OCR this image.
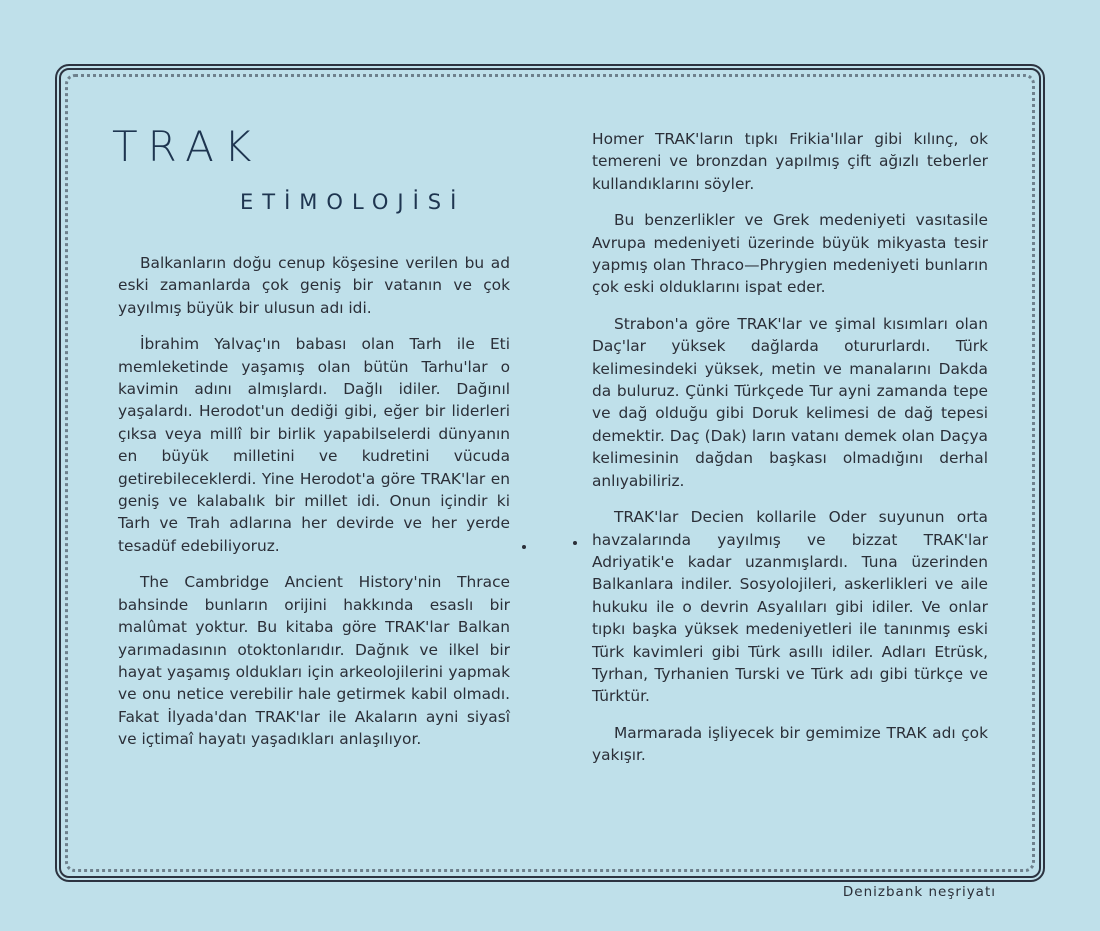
TRAK
ETİMOLOJİSİ

Balkanların doğu cenup köşesine verilen bu ad eski zamanlarda çok geniş bir vatanın ve çok yayılmış büyük bir ulusun adı idi.

İbrahim Yalvaç'ın babası olan Tarh ile Eti memleketinde yaşamış olan bütün Tarhu'lar o kavimin adını almışlardı. Dağlı idiler. Dağınıl yaşalardı. Herodot'un dediği gibi, eğer bir liderleri çıksa veya millî bir birlik yapabilselerdi dünyanın en büyük milletini ve kudretini vücuda getirebileceklerdi. Yine Herodot'a göre TRAK'lar en geniş ve kalabalık bir millet idi. Onun içindir ki Tarh ve Trah adlarına her devirde ve her yerde tesadüf edebiliyoruz.

The Cambridge Ancient History'nin Thrace bahsinde bunların orijini hakkında esaslı bir malûmat yoktur. Bu kitaba göre TRAK'lar Balkan yarımadasının otoktonlarıdır. Dağnık ve ilkel bir hayat yaşamış oldukları için arkeolojilerini yapmak ve onu netice verebilir hale getirmek kabil olmadı. Fakat İlyada'dan TRAK'lar ile Akaların ayni siyasî ve içtimaî hayatı yaşadıkları anlaşılıyor.

Homer TRAK'ların tıpkı Frikia'lılar gibi kılınç, ok temereni ve bronzdan yapılmış çift ağızlı teberler kullandıklarını söyler.

Bu benzerlikler ve Grek medeniyeti vasıtasile Avrupa medeniyeti üzerinde büyük mikyasta tesir yapmış olan Thraco—Phrygien medeniyeti bunların çok eski olduklarını ispat eder.

Strabon'a göre TRAK'lar ve şimal kısımları olan Daç'lar yüksek dağlarda otururlardı. Türk kelimesindeki yüksek, metin ve manalarını Dakda da buluruz. Çünki Türkçede Tur ayni zamanda tepe ve dağ olduğu gibi Doruk kelimesi de dağ tepesi demektir. Daç (Dak) ların vatanı demek olan Daçya kelimesinin dağdan başkası olmadığını derhal anlıyabiliriz.

TRAK'lar Decien kollarile Oder suyunun orta havzalarında yayılmış ve bizzat TRAK'lar Adriyatik'e kadar uzanmışlardı. Tuna üzerinden Balkanlara indiler. Sosyolojileri, askerlikleri ve aile hukuku ile o devrin Asyalıları gibi idiler. Ve onlar tıpkı başka yüksek medeniyetleri ile tanınmış eski Türk kavimleri gibi Türk asıllı idiler. Adları Etrüsk, Tyrhan, Tyrhanien Turski ve Türk adı gibi türkçe ve Türktür.

Marmarada işliyecek bir gemimize TRAK adı çok yakışır.

Denizbank neşriyatı
